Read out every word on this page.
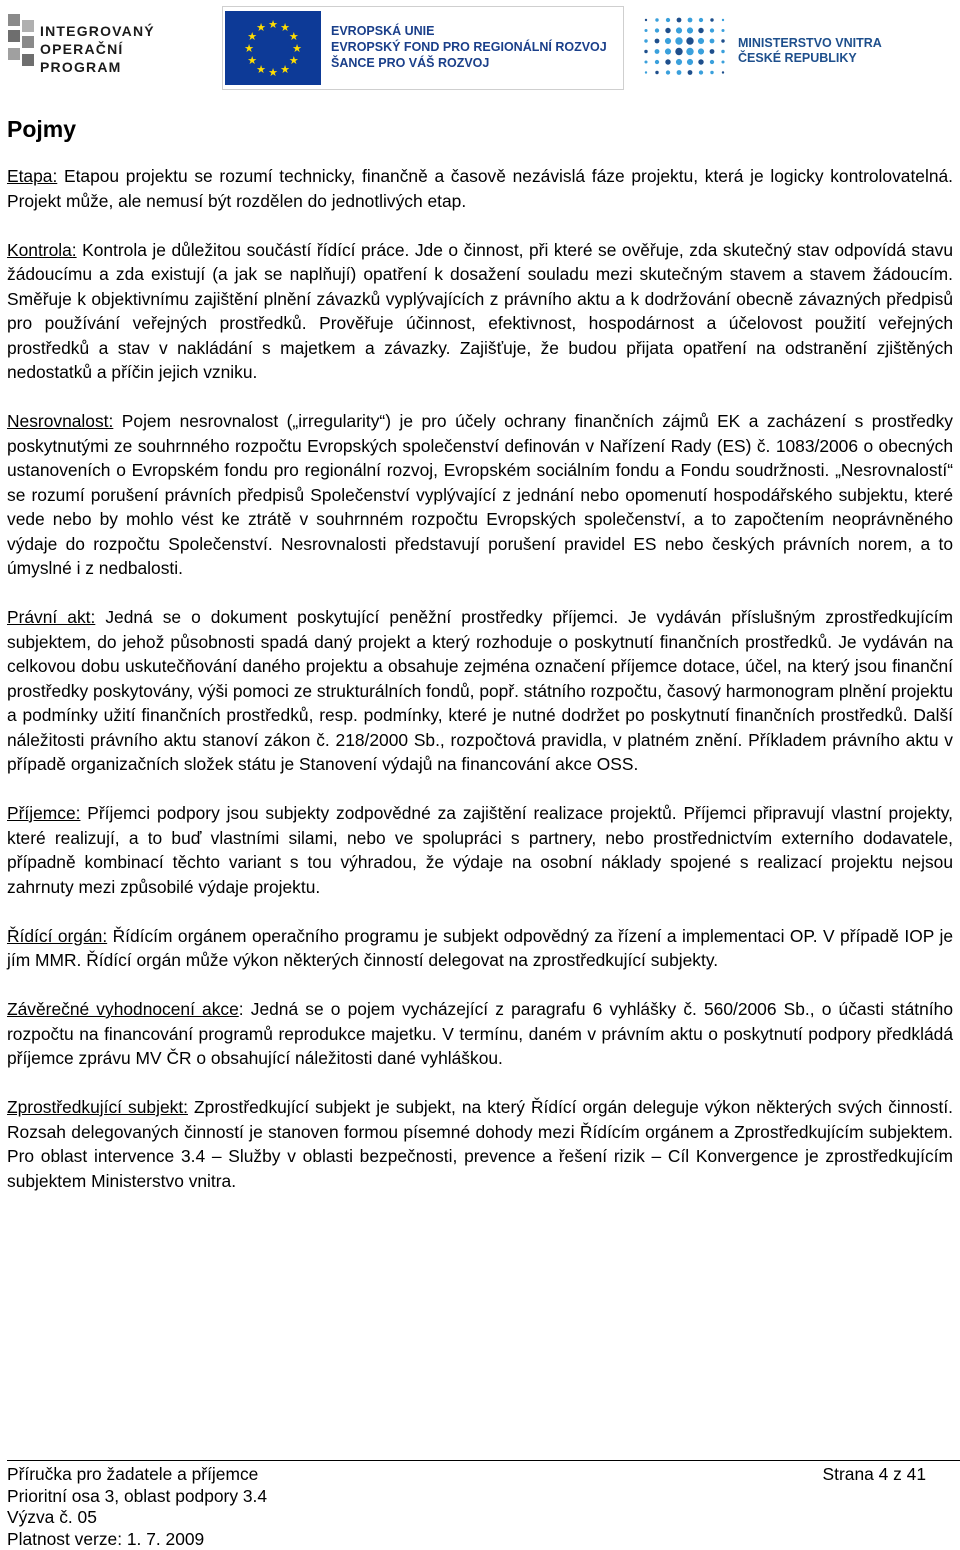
INTEGROVANÝ
OPERAČNÍ
PROGRAM
★ ★
★
★
★
★
★
★
★
★
★
★	EVROPSKÁ UNIE
EVROPSKÝ FOND PRO REGIONÁLNÍ ROZVOJ
ŠANCE PRO VÁŠ ROZVOJ
MINISTERSTVO VNITRA
ČESKÉ REPUBLIKY
Pojmy

Etapa: Etapou projektu se rozumí technicky, finančně a časově nezávislá fáze projektu, která je logicky kontrolovatelná. Projekt může, ale nemusí být rozdělen do jednotlivých etap.

Kontrola: Kontrola je důležitou součástí řídící práce. Jde o činnost, při které se ověřuje, zda skutečný stav odpovídá stavu žádoucímu a zda existují (a jak se naplňují) opatření k dosažení souladu mezi skutečným stavem a stavem žádoucím. Směřuje k objektivnímu zajištění plnění závazků vyplývajících z právního aktu a k dodržování obecně závazných předpisů pro používání veřejných prostředků. Prověřuje účinnost, efektivnost, hospodárnost a účelovost použití veřejných prostředků a stav v nakládání s majetkem a závazky. Zajišťuje, že budou přijata opatření na odstranění zjištěných nedostatků a příčin jejich vzniku.

Nesrovnalost: Pojem nesrovnalost („irregularity“) je pro účely ochrany finančních zájmů EK a zacházení s prostředky poskytnutými ze souhrnného rozpočtu Evropských společenství definován v Nařízení Rady (ES) č. 1083/2006 o obecných ustanoveních o Evropském fondu pro regionální rozvoj, Evropském sociálním fondu a Fondu soudržnosti. „Nesrovnalostí“ se rozumí porušení právních předpisů Společenství vyplývající z jednání nebo opomenutí hospodářského subjektu, které vede nebo by mohlo vést ke ztrátě v souhrnném rozpočtu Evropských společenství, a to započtením neoprávněného výdaje do rozpočtu Společenství. Nesrovnalosti představují porušení pravidel ES nebo českých právních norem, a to úmyslné i z nedbalosti.

Právní akt: Jedná se o dokument poskytující peněžní prostředky příjemci. Je vydáván příslušným zprostředkujícím subjektem, do jehož působnosti spadá daný projekt a který rozhoduje o poskytnutí finančních prostředků. Je vydáván na celkovou dobu uskutečňování daného projektu a obsahuje zejména označení příjemce dotace, účel, na který jsou finanční prostředky poskytovány, výši pomoci ze strukturálních fondů, popř. státního rozpočtu, časový harmonogram plnění projektu a podmínky užití finančních prostředků, resp. podmínky, které je nutné dodržet po poskytnutí finančních prostředků. Další náležitosti právního aktu stanoví zákon č. 218/2000 Sb., rozpočtová pravidla, v platném znění. Příkladem právního aktu v případě organizačních složek státu je Stanovení výdajů na financování akce OSS.

Příjemce: Příjemci podpory jsou subjekty zodpovědné za zajištění realizace projektů. Příjemci připravují vlastní projekty, které realizují, a to buď vlastními silami, nebo ve spolupráci s partnery, nebo prostřednictvím externího dodavatele, případně kombinací těchto variant s tou výhradou, že výdaje na osobní náklady spojené s realizací projektu nejsou zahrnuty mezi způsobilé výdaje projektu.

Řídící orgán: Řídícím orgánem operačního programu je subjekt odpovědný za řízení a implementaci OP. V případě IOP je jím MMR. Řídící orgán může výkon některých činností delegovat na zprostředkující subjekty.

Závěrečné vyhodnocení akce: Jedná se o pojem vycházející z paragrafu 6 vyhlášky č. 560/2006 Sb., o účasti státního rozpočtu na financování programů reprodukce majetku. V termínu, daném v právním aktu o poskytnutí podpory předkládá příjemce zprávu MV ČR o obsahující náležitosti dané vyhláškou.

Zprostředkující subjekt: Zprostředkující subjekt je subjekt, na který Řídící orgán deleguje výkon některých svých činností. Rozsah delegovaných činností je stanoven formou písemné dohody mezi Řídícím orgánem a Zprostředkujícím subjektem. Pro oblast intervence 3.4 – Služby v oblasti bezpečnosti, prevence a řešení rizik – Cíl Konvergence je zprostředkujícím subjektem Ministerstvo vnitra.

Příručka pro žadatele a příjemce
Prioritní osa 3, oblast podpory 3.4
Výzva č. 05
Platnost verze: 1. 7. 2009
Strana 4 z 41
